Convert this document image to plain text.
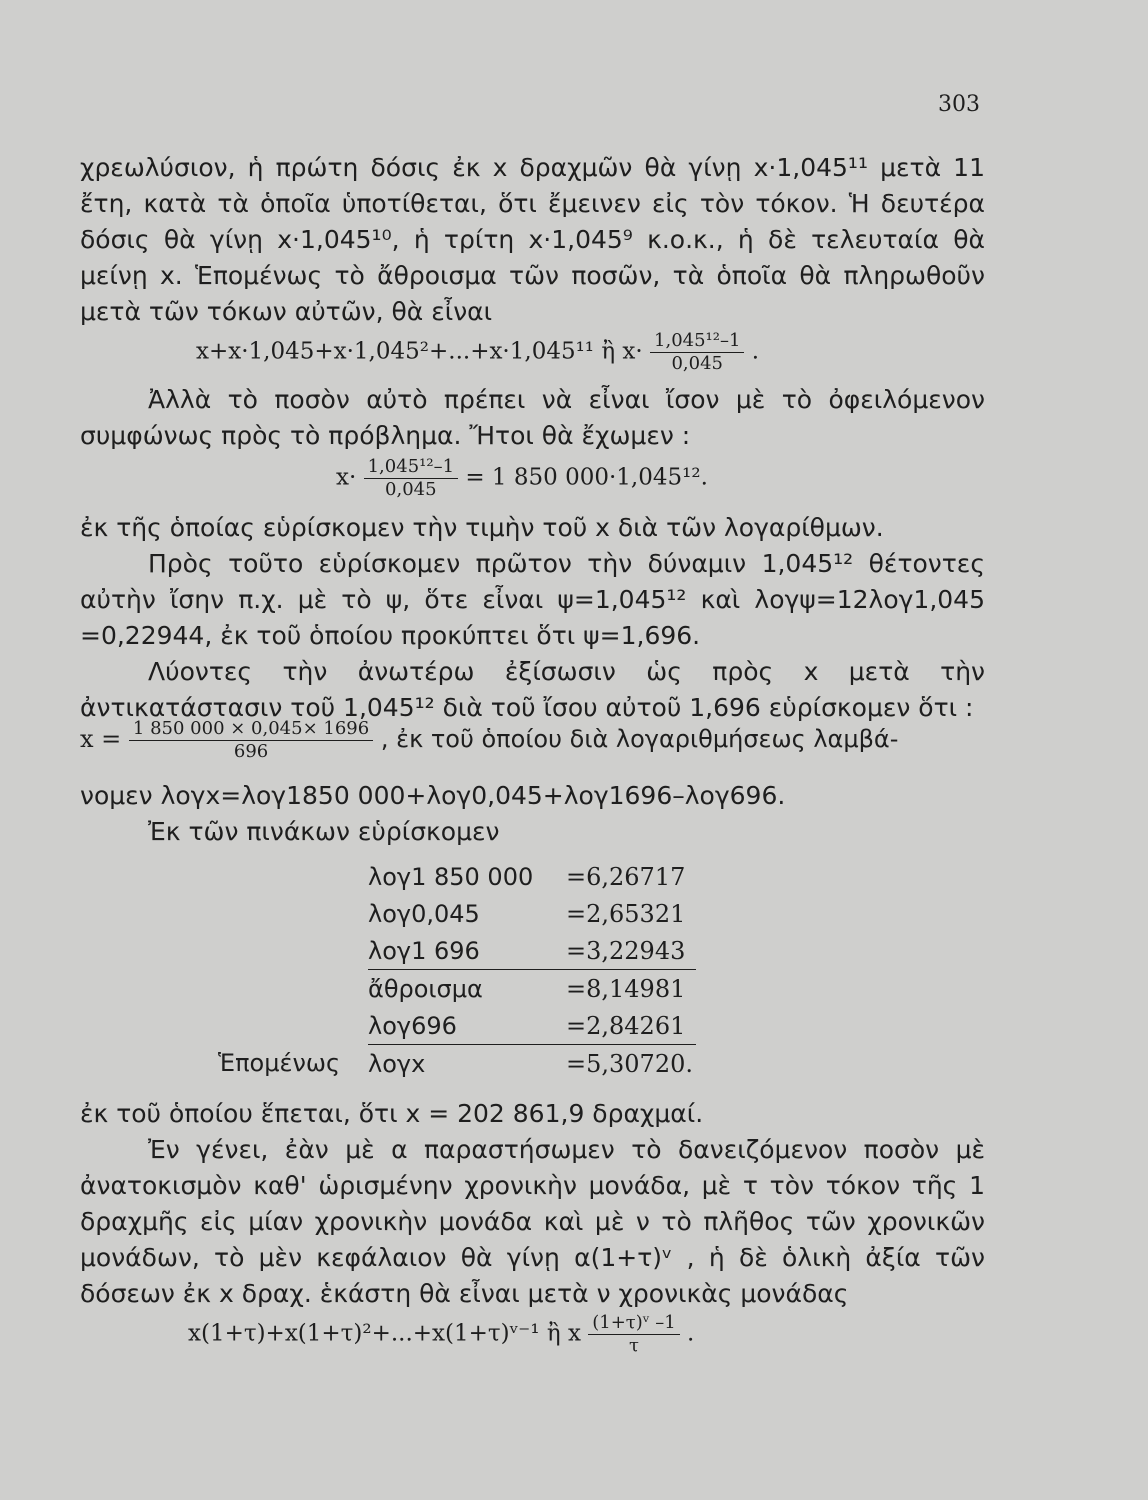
303

χρεωλύσιον, ἡ πρώτη δόσις ἐκ x δραχμῶν θὰ γίνῃ x·1,045¹¹ μετὰ 11 ἔτη, κατὰ τὰ ὁποῖα ὑποτίθεται, ὅτι ἔμεινεν εἰς τὸν τόκον. Ἡ δευτέρα δόσις θὰ γίνῃ x·1,045¹⁰, ἡ τρίτη x·1,045⁹ κ.ο.κ., ἡ δὲ τελευταία θὰ μείνῃ x. Ἑπομένως τὸ ἄθροισμα τῶν ποσῶν, τὰ ὁποῖα θὰ πληρωθοῦν μετὰ τῶν τόκων αὐτῶν, θὰ εἶναι

x+x·1,045+x·1,045²+...+x·1,045¹¹ ἢ $x\cdot \frac{\text{1,045¹²–1}}{0,045}$ .

Ἀλλὰ τὸ ποσὸν αὐτὸ πρέπει νὰ εἶναι ἴσον μὲ τὸ ὀφειλόμενον συμφώνως πρὸς τὸ πρόβλημα. Ἤτοι θὰ ἔχωμεν :

$x\cdot \frac{\text{1,045¹²–1}}{0,045} = 1$ 850 000·1,045¹².

ἐκ τῆς ὁποίας εὑρίσκομεν τὴν τιμὴν τοῦ x διὰ τῶν λογαρίθμων.

Πρὸς τοῦτο εὑρίσκομεν πρῶτον τὴν δύναμιν 1,045¹² θέτοντες αὐτὴν ἴσην π.χ. μὲ τὸ ψ, ὅτε εἶναι ψ=1,045¹² καὶ λογψ=12λογ1,045 =0,22944, ἐκ τοῦ ὁποίου προκύπτει ὅτι ψ=1,696.

Λύοντες τὴν ἀνωτέρω ἐξίσωσιν ὡς πρὸς x μετὰ τὴν ἀντικατάστασιν τοῦ 1,045¹² διὰ τοῦ ἴσου αὐτοῦ 1,696 εὑρίσκομεν ὅτι :

$x = \frac{1 850 000 \times 0,045\times 1696}{696}$ , ἐκ τοῦ ὁποίου διὰ λογαριθμήσεως λαμβά-

νομεν λογx=λογ1850 000+λογ0,045+λογ1696–λογ696.

Ἐκ τῶν πινάκων εὑρίσκομεν

	λογ1 850 000	=6,26717
	λογ0,045	=2,65321
	λογ1 696	=3,22943
	ἄθροισμα	=8,14981
	λογ696	=2,84261
Ἑπομένως	λογx	=5,30720.

ἐκ τοῦ ὁποίου ἕπεται, ὅτι x = 202 861,9 δραχμαί.

Ἐν γένει, ἐὰν μὲ α παραστήσωμεν τὸ δανειζόμενον ποσὸν μὲ ἀνατοκισμὸν καθ' ὡρισμένην χρονικὴν μονάδα, μὲ τ τὸν τόκον τῆς 1 δραχμῆς εἰς μίαν χρονικὴν μονάδα καὶ μὲ ν τὸ πλῆθος τῶν χρονικῶν μονάδων, τὸ μὲν κεφάλαιον θὰ γίνῃ α(1+τ)ᵛ , ἡ δὲ ὁλικὴ ἀξία τῶν δόσεων ἐκ x δραχ. ἑκάστη θὰ εἶναι μετὰ ν χρονικὰς μονάδας

x(1+τ)+x(1+τ)²+...+x(1+τ)ᵛ⁻¹ ἢ x $\frac{\text{(1+τ)ᵛ –1}}{\tau}$ .
